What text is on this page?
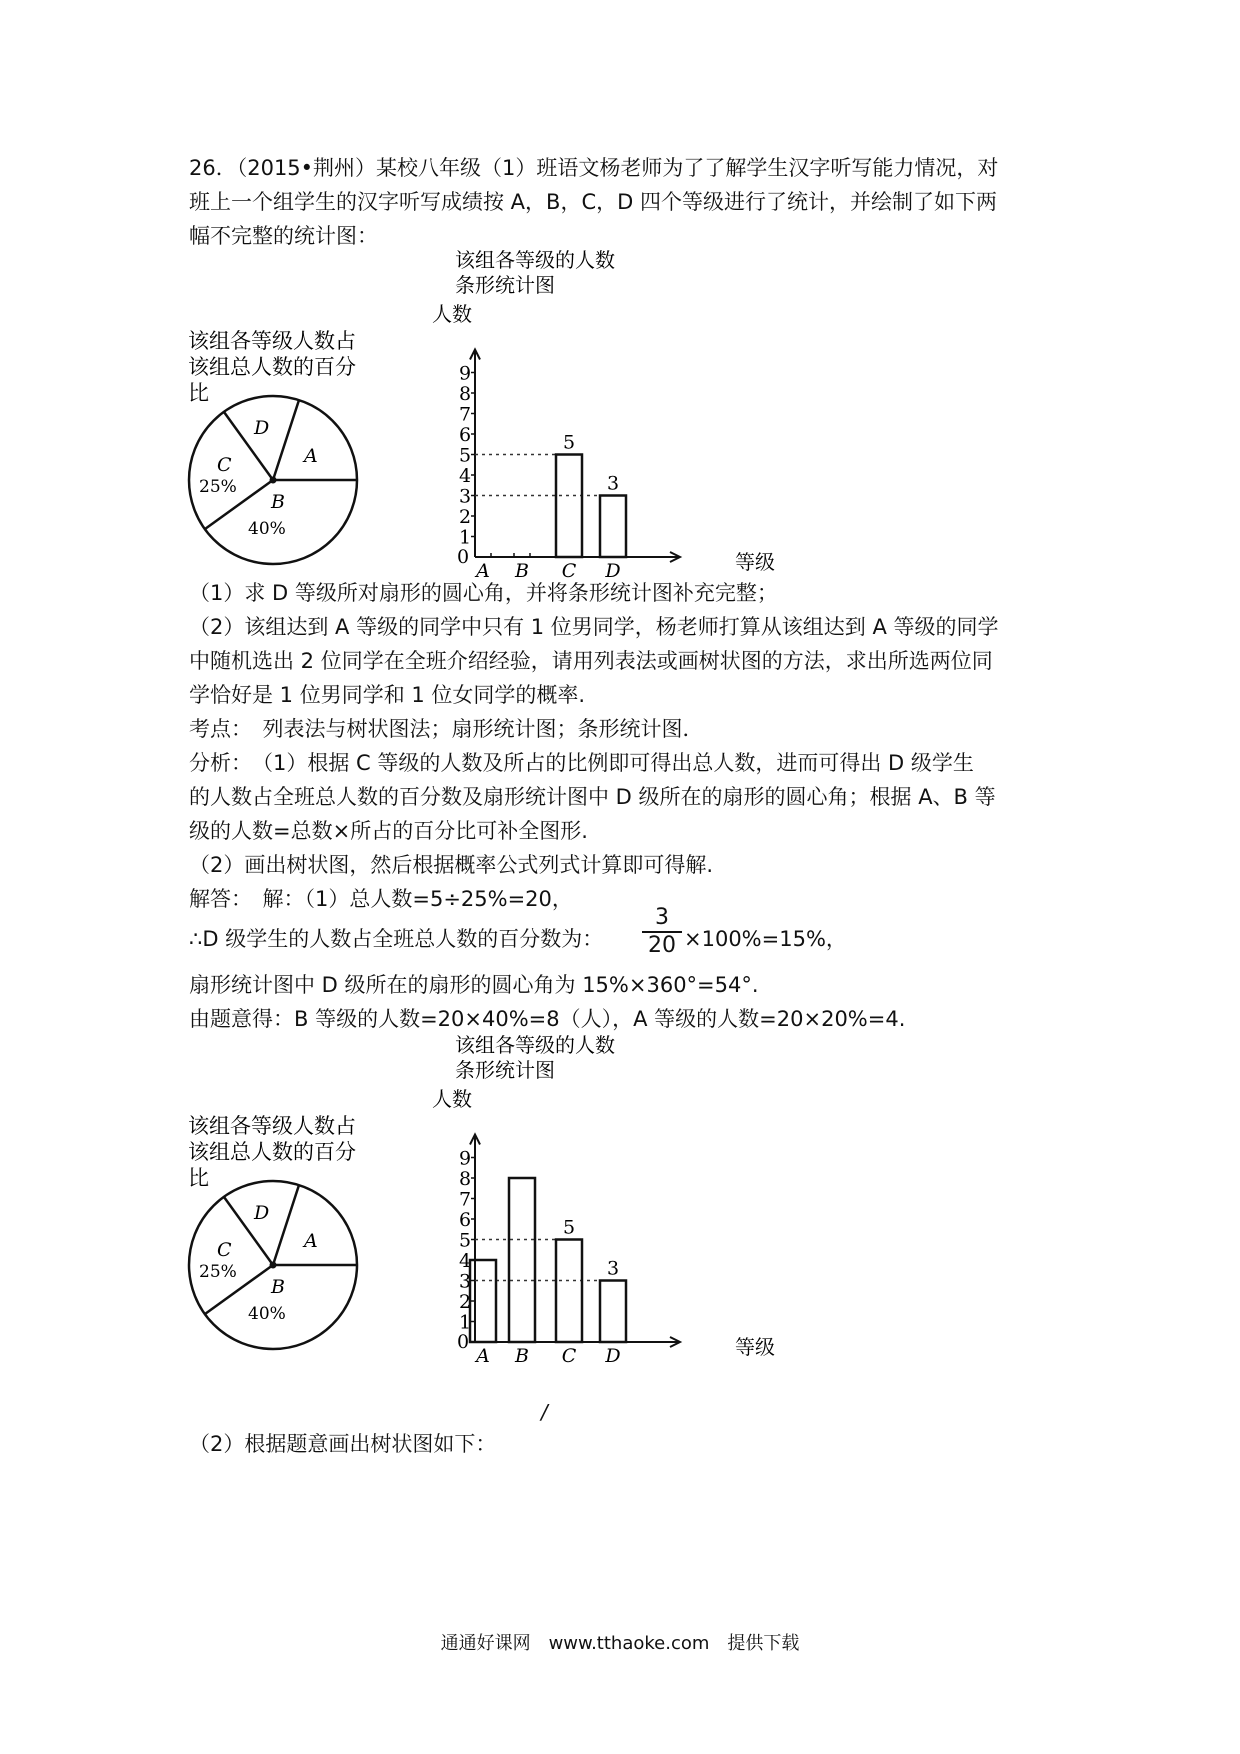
26．（2015•荆州）某校八年级（1）班语文杨老师为了了解学生汉字听写能力情况，对
班上一个组学生的汉字听写成绩按 A，B，C，D 四个等级进行了统计，并绘制了如下两
幅不完整的统计图：
该组各等级人数占
该组总人数的百分
比
A
D
C
25%
B
40%
该组各等级的人数
条形统计图
人数
等级
0
1
2
3
4
5
6
7
8
9
A B
5
C
3
D
（1）求 D 等级所对扇形的圆心角，并将条形统计图补充完整；
（2）该组达到 A 等级的同学中只有 1 位男同学，杨老师打算从该组达到 A 等级的同学
中随机选出 2 位同学在全班介绍经验，请用列表法或画树状图的方法，求出所选两位同
学恰好是 1 位男同学和 1 位女同学的概率.
考点：　列表法与树状图法；扇形统计图；条形统计图．
分析：　（1）根据 C 等级的人数及所占的比例即可得出总人数，进而可得出 D 级学生
的人数占全班总人数的百分数及扇形统计图中 D 级所在的扇形的圆心角；根据 A、B 等
级的人数=总数×所占的百分比可补全图形.
（2）画出树状图，然后根据概率公式列式计算即可得解.
解答：　解：（1）总人数=5÷25%=20，
∴D 级学生的人数占全班总人数的百分数为：	$\frac{3}{20} \times 100\%=15\%$，
扇形统计图中 D 级所在的扇形的圆心角为 15%×360°=54°.
由题意得：B 等级的人数=20×40%=8（人），A 等级的人数=20×20%=4.
该组各等级人数占
该组总人数的百分
比
A
D
C
25%
B
40%
该组各等级的人数
条形统计图
人数
等级
0
1
2
3
4
5
6
7
8
9
A B
5
C
3
D
/
（2）根据题意画出树状图如下：
通通好课网　www.tthaoke.com　提供下载
